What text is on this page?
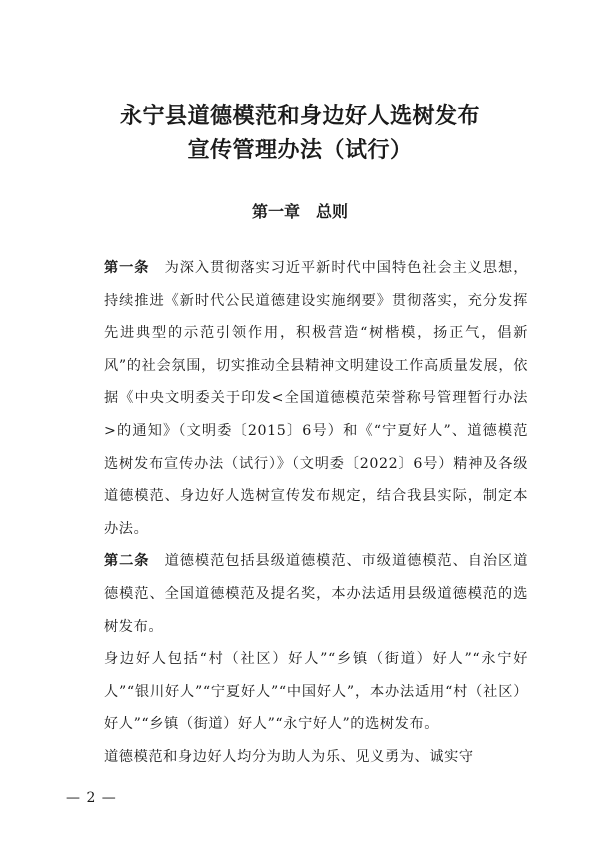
永宁县道德模范和身边好人选树发布
宣传管理办法（试行）
第一章　总则

第一条　为深入贯彻落实习近平新时代中国特色社会主义思想，持续推进《新时代公民道德建设实施纲要》贯彻落实，充分发挥先进典型的示范引领作用，积极营造“树楷模，扬正气，倡新风”的社会氛围，切实推动全县精神文明建设工作高质量发展，依据《中央文明委关于印发<全国道德模范荣誉称号管理暂行办法>的通知》（文明委〔2015〕6号）和《“宁夏好人”、道德模范选树发布宣传办法（试行）》（文明委〔2022〕6号）精神及各级道德模范、身边好人选树宣传发布规定，结合我县实际，制定本办法。

第二条　道德模范包括县级道德模范、市级道德模范、自治区道德模范、全国道德模范及提名奖，本办法适用县级道德模范的选树发布。

身边好人包括“村（社区）好人”“乡镇（街道）好人”“永宁好人”“银川好人”“宁夏好人”“中国好人”，本办法适用“村（社区）好人”“乡镇（街道）好人”“永宁好人”的选树发布。

道德模范和身边好人均分为助人为乐、见义勇为、诚实守

— 2 —
